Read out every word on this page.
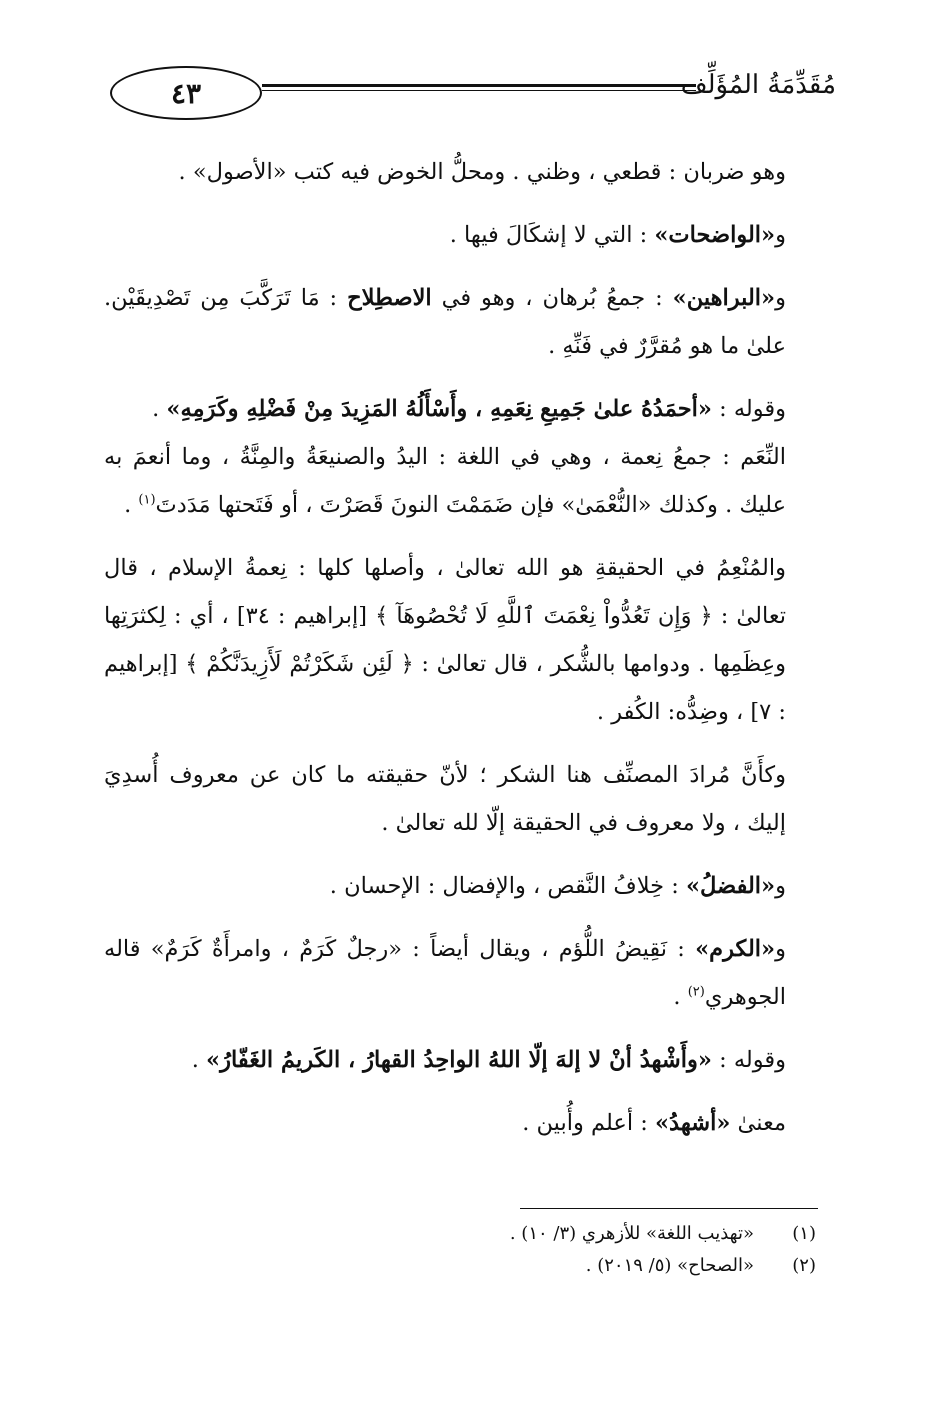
٤٣	مُقَدِّمَةُ المُؤَلِّف

وهو ضربان : قطعي ، وظني . ومحلُّ الخوض فيه كتب «الأصول» .

و«الواضحات» : التي لا إشكَالَ فيها .

و«البراهين» : جمعُ بُرهان ، وهو في الاصطِلاح : مَا تَرَكَّبَ مِن تَصْدِيقَيْن. علىٰ ما هو مُقرَّرٌ في فَنِّهِ .

وقوله : «أحمَدُهُ علىٰ جَمِيعِ نِعَمِهِ ، وأَسْأَلُهُ المَزِيدَ مِنْ فَضْلِهِ وكَرَمِهِ» .
النِّعَم : جمعُ نِعمة ، وهي في اللغة : اليدُ والصنيعَةُ والمِنَّةُ ، وما أنعمَ به عليك . وكذلك «النُّعْمَىٰ» فإن ضَمَمْتَ النونَ قَصَرْتَ ، أو فَتَحتها مَدَدتَ$^{(١)}$ .

والمُنْعِمُ في الحقيقةِ هو الله تعالىٰ ، وأصلها كلها : نِعمةُ الإسلام ، قال تعالىٰ : ﴿ وَإِن تَعُدُّواْ نِعْمَتَ ٱللَّهِ لَا تُحْصُوهَآ ﴾ [إبراهيم : ٣٤] ، أي : لِكثرَتِها وعِظَمِها . ودوامها بالشُّكر ، قال تعالىٰ : ﴿ لَئِن شَكَرْتُمْ لَأَزِيدَنَّكُمْ ﴾ [إبراهيم : ٧] ، وضِدُّه: الكُفر .

وكأَنَّ مُرادَ المصنِّف هنا الشكر ؛ لأنّ حقيقته ما كان عن معروف أُسدِيَ إليك ، ولا معروف في الحقيقة إلّا لله تعالىٰ .

و«الفضلُ» : خِلافُ النَّقص ، والإفضال : الإحسان .

و«الكرم» : نَقِيضُ اللُّؤم ، ويقال أيضاً : «رجلٌ كَرَمٌ ، وامرأَةٌ كَرَمٌ» قاله الجوهري$^{(٢)}$ .

وقوله : «وأَشْهدُ أنْ لا إلهَ إلّا اللهُ الواحِدُ القهارُ ، الكَريمُ الغَفّارُ» .

معنىٰ «أشهدُ» : أعلم وأُبين .

(١)
«تهذيب اللغة» للأزهري (٣/ ١٠) .
(٢)
«الصحاح» (٥/ ٢٠١٩) .
